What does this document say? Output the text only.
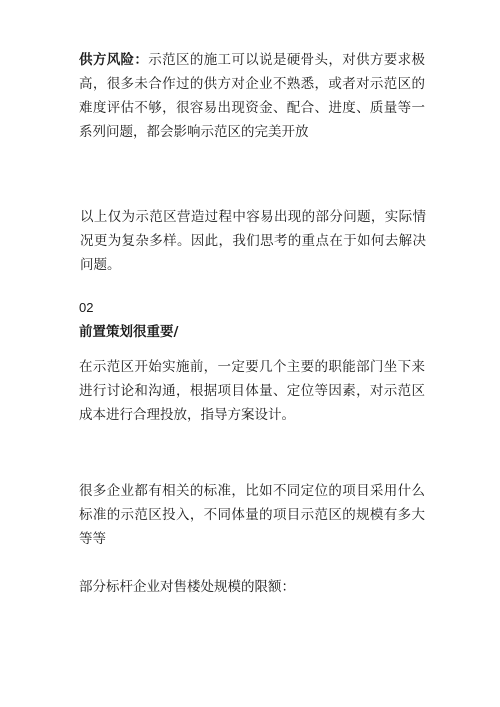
供方风险：示范区的施工可以说是硬骨头，对供方要求极高，很多未合作过的供方对企业不熟悉，或者对示范区的难度评估不够，很容易出现资金、配合、进度、质量等一系列问题，都会影响示范区的完美开放

以上仅为示范区营造过程中容易出现的部分问题，实际情况更为复杂多样。因此，我们思考的重点在于如何去解决问题。

02
前置策划很重要/

在示范区开始实施前，一定要几个主要的职能部门坐下来进行讨论和沟通，根据项目体量、定位等因素，对示范区成本进行合理投放，指导方案设计。

很多企业都有相关的标准，比如不同定位的项目采用什么标准的示范区投入，不同体量的项目示范区的规模有多大等等

部分标杆企业对售楼处规模的限额：
